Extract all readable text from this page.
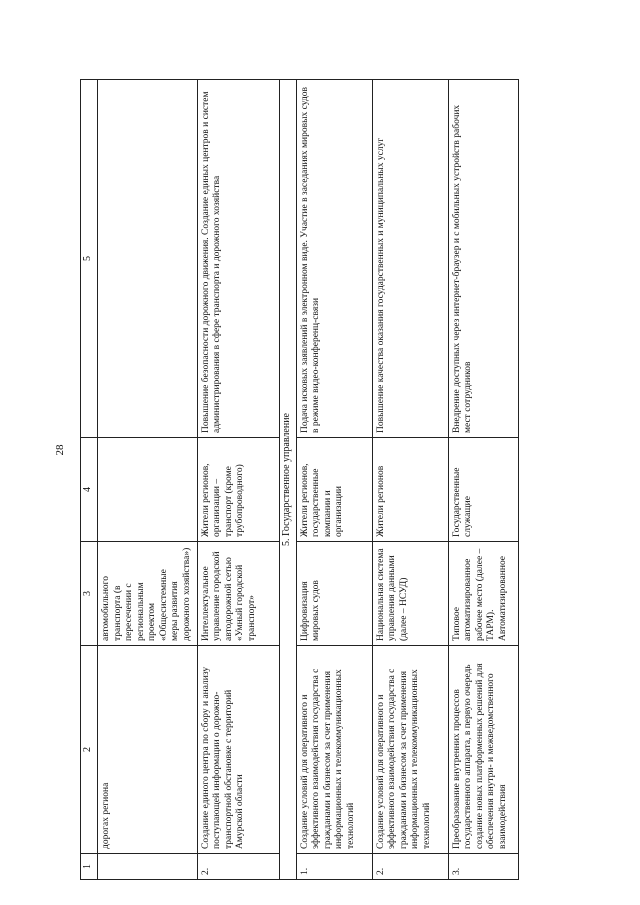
28
1	2	3	4	5
	дорогах региона	автомобильного транспорта (в пересечении с региональным проектом «Общесистемные меры развития дорожного хозяйства»)		
2.	Создание единого центра по сбору и анализу поступающей информации о дорожно-транспортной обстановке с территорий Амурской области	Интеллектуальное управление городской автодорожной сетью «Умный городской транспорт»	Жители регионов, организации – транспорт (кроме трубопроводного)	Повышение безопасности дорожного движения. Создание единых центров и систем администрирования в сфере транспорта и дорожного хозяйства
5. Государственное управление				
1.	Создание условий для оперативного и эффективного взаимодействия государства с гражданами и бизнесом за счет применения информационных и телекоммуникационных технологий	Цифровизация мировых судов	Жители регионов, государственные компании и организации	Подача исковых заявлений в электронном виде. Участие в заседаниях мировых судов в режиме видео-конференц-связи
2.	Создание условий для оперативного и эффективного взаимодействия государства с гражданами и бизнесом за счет применения информационных и телекоммуникационных технологий	Национальная система управления данными (далее – НСУД)	Жители регионов	Повышение качества оказания государственных и муниципальных услуг
3.	Преобразование внутренних процессов государственного аппарата, в первую очередь создание новых платформенных решений для обеспечения внутри- и межведомственного взаимодействия	Типовое автоматизированное рабочее место (далее – ТАРМ). Автоматизированное	Государственные служащие	Внедрение доступных через интернет-браузер и с мобильных устройств рабочих мест сотрудников
